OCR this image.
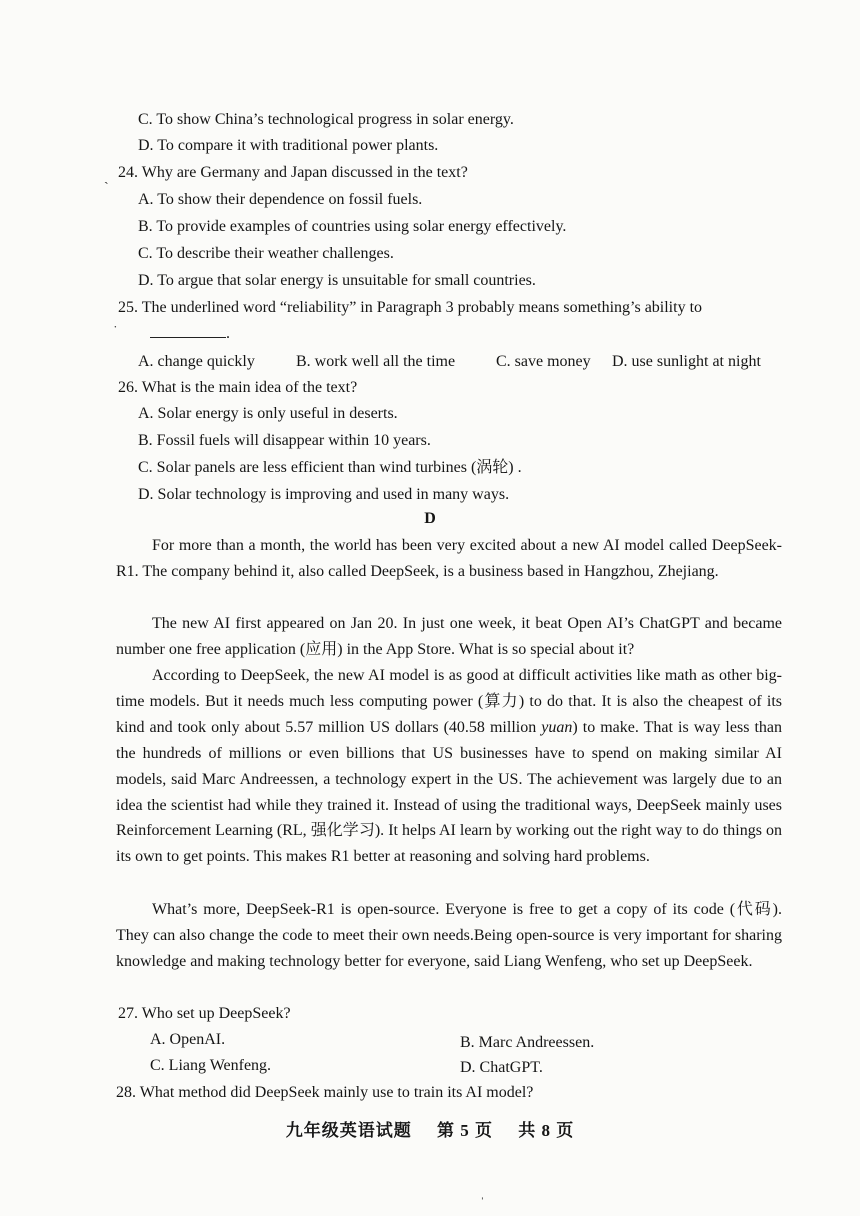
C. To show China’s technological progress in solar energy.
D. To compare it with traditional power plants.
24. Why are Germany and Japan discussed in the text?
A. To show their dependence on fossil fuels.
B. To provide examples of countries using solar energy effectively.
C. To describe their weather challenges.
D. To argue that solar energy is unsuitable for small countries.
25. The underlined word “reliability” in Paragraph 3 probably means something’s ability to
.
A. change quickly	B. work well all the time	C. save money D. use sunlight at night
26. What is the main idea of the text?
A. Solar energy is only useful in deserts.
B. Fossil fuels will disappear within 10 years.
C. Solar panels are less efficient than wind turbines (涡轮) .
D. Solar technology is improving and used in many ways.
D
For more than a month, the world has been very excited about a new AI model called DeepSeek-R1. The company behind it, also called DeepSeek, is a business based in Hangzhou, Zhejiang.
The new AI first appeared on Jan 20. In just one week, it beat Open AI’s ChatGPT and became number one free application (应用) in the App Store. What is so special about it?
According to DeepSeek, the new AI model is as good at difficult activities like math as other big-time models. But it needs much less computing power (算力) to do that. It is also the cheapest of its kind and took only about 5.57 million US dollars (40.58 million yuan) to make. That is way less than the hundreds of millions or even billions that US businesses have to spend on making similar AI models, said Marc Andreessen, a technology expert in the US. The achievement was largely due to an idea the scientist had while they trained it. Instead of using the traditional ways, DeepSeek mainly uses Reinforcement Learning (RL, 强化学习). It helps AI learn by working out the right way to do things on its own to get points. This makes R1 better at reasoning and solving hard problems.
What’s more, DeepSeek-R1 is open-source. Everyone is free to get a copy of its code (代码). They can also change the code to meet their own needs.Being open-source is very important for sharing knowledge and making technology better for everyone, said Liang Wenfeng, who set up DeepSeek.
27. Who set up DeepSeek?
A. OpenAI.	B. Marc Andreessen.
C. Liang Wenfeng.	D. ChatGPT.
28. What method did DeepSeek mainly use to train its AI model?
九年级英语试题 第 5 页 共 8 页
ˎ
˙
ˈ
